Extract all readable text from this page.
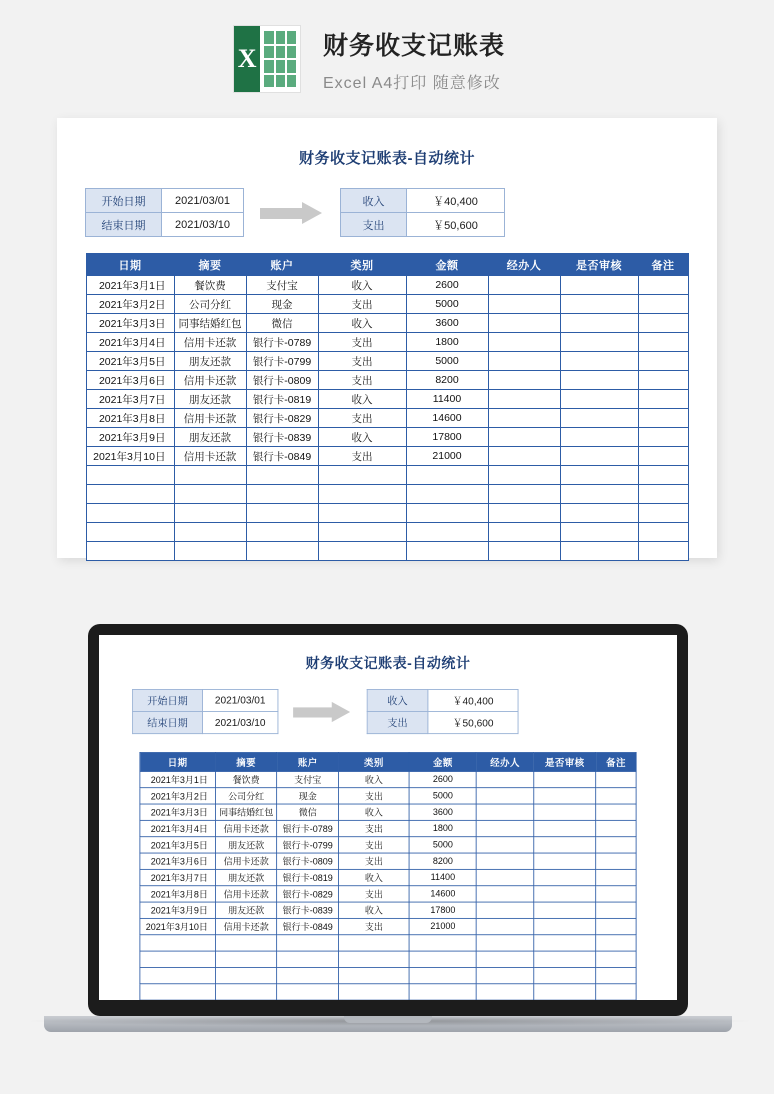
X	财务收支记账表
Excel A4打印 随意修改
财务收支记账表-自动统计
开始日期	2021/03/01
结束日期	2021/03/10
收入	￥40,400
支出	￥50,600
日期	摘要	账户	类别	金额	经办人	是否审核	备注
2021年3月1日	餐饮费	支付宝	收入	2600			
2021年3月2日	公司分红	现金	支出	5000			
2021年3月3日	同事结婚红包	微信	收入	3600			
2021年3月4日	信用卡还款	银行卡-0789	支出	1800			
2021年3月5日	朋友还款	银行卡-0799	支出	5000			
2021年3月6日	信用卡还款	银行卡-0809	支出	8200			
2021年3月7日	朋友还款	银行卡-0819	收入	11400			
2021年3月8日	信用卡还款	银行卡-0829	支出	14600			
2021年3月9日	朋友还款	银行卡-0839	收入	17800			
2021年3月10日	信用卡还款	银行卡-0849	支出	21000			

财务收支记账表-自动统计
开始日期	2021/03/01
结束日期	2021/03/10
收入	￥40,400
支出	￥50,600
日期	摘要	账户	类别	金额	经办人	是否审核	备注
2021年3月1日	餐饮费	支付宝	收入	2600			
2021年3月2日	公司分红	现金	支出	5000			
2021年3月3日	同事结婚红包	微信	收入	3600			
2021年3月4日	信用卡还款	银行卡-0789	支出	1800			
2021年3月5日	朋友还款	银行卡-0799	支出	5000			
2021年3月6日	信用卡还款	银行卡-0809	支出	8200			
2021年3月7日	朋友还款	银行卡-0819	收入	11400			
2021年3月8日	信用卡还款	银行卡-0829	支出	14600			
2021年3月9日	朋友还款	银行卡-0839	收入	17800			
2021年3月10日	信用卡还款	银行卡-0849	支出	21000			
